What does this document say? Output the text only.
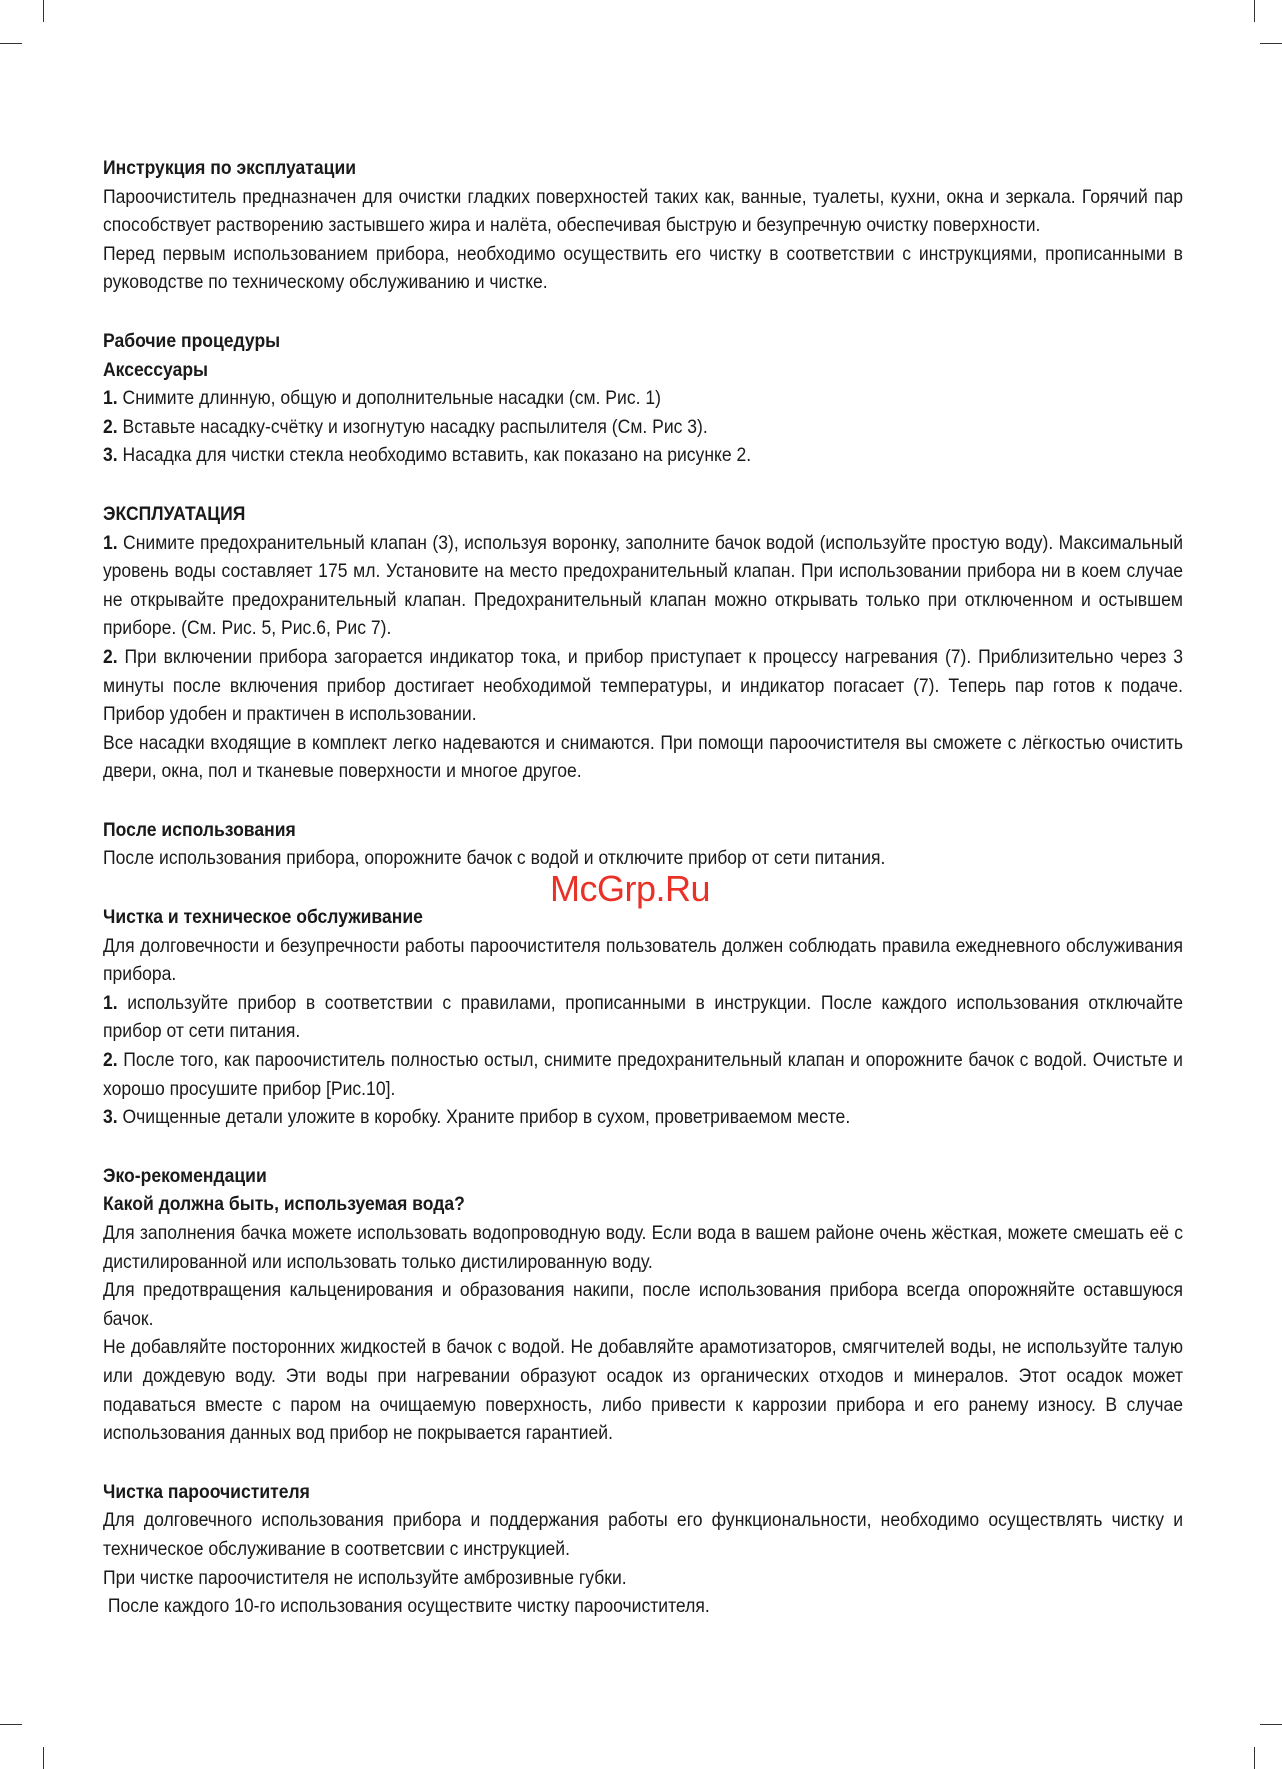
Инструкция по эксплуатации

Пароочиститель предназначен для очистки гладких поверхностей таких как, ванные, туалеты, кухни, окна и зеркала. Горячий пар способствует растворению застывшего жира и налёта, обеспечивая быструю и безупречную очистку поверхности.

Перед первым использованием прибора, необходимо осуществить его чистку в соответствии с инструкциями, прописанными в руководстве по техническому обслуживанию и чистке.

Рабочие процедуры

Аксессуары

1. Снимите длинную, общую и дополнительные насадки (см. Рис. 1)

2. Вставьте насадку-счётку и изогнутую насадку распылителя (См. Рис 3).

3. Насадка для чистки стекла необходимо вставить, как показано на рисунке 2.

ЭКСПЛУАТАЦИЯ

1. Снимите предохранительный клапан (3), используя воронку, заполните бачок водой (используйте простую воду). Максимальный уровень воды составляет 175 мл. Установите на место предохранительный клапан. При использовании прибора ни в коем случае не открывайте предохранительный клапан. Предохранительный клапан можно открывать только при отключенном и остывшем приборе. (См. Рис. 5, Рис.6, Рис 7).

2. При включении прибора загорается индикатор тока, и прибор приступает к процессу нагревания (7). Приблизительно через 3 минуты после включения прибор достигает необходимой температуры, и индикатор погасает (7). Теперь пар готов к подаче. Прибор удобен и практичен в использовании.

Все насадки входящие в комплект легко надеваются и снимаются. При помощи пароочистителя вы сможете с лёгкостью очистить двери, окна, пол и тканевые поверхности и многое другое.

После использования

После использования прибора, опорожните бачок с водой и отключите прибор от сети питания.

Чистка и техническое обслуживание

Для долговечности и безупречности работы пароочистителя пользователь должен соблюдать правила ежедневного обслуживания прибора.

1. используйте прибор в соответствии с правилами, прописанными в инструкции. После каждого использования отключайте прибор от сети питания.

2. После того, как пароочиститель полностью остыл, снимите предохранительный клапан и опорожните бачок с водой. Очистьте и хорошо просушите прибор [Рис.10].

3. Очищенные детали уложите в коробку. Храните прибор в сухом, проветриваемом месте.

Эко-рекомендации

Какой должна быть, используемая вода?

Для заполнения бачка можете использовать водопроводную воду. Если вода в вашем районе очень жёсткая, можете смешать её с дистилированной или использовать только дистилированную воду.

Для предотвращения кальценирования и образования накипи, после использования прибора всегда опорожняйте оставшуюся бачок.

Не добавляйте посторонних жидкостей в бачок с водой. Не добавляйте арамотизаторов, смягчителей воды, не используйте талую или дождевую воду. Эти воды при нагревании образуют осадок из органических отходов и минералов. Этот осадок может подаваться вместе с паром на очищаемую поверхность, либо привести к каррозии прибора и его ранему износу. В случае использования данных вод прибор не покрывается гарантией.

Чистка пароочистителя

Для долговечного использования прибора и поддержания работы его функциональности, необходимо осуществлять чистку и техническое обслуживание в соответсвии с инструкцией.

При чистке пароочистителя не используйте амброзивные губки.

После каждого 10-го использования осуществите чистку пароочистителя.

McGrp.Ru
